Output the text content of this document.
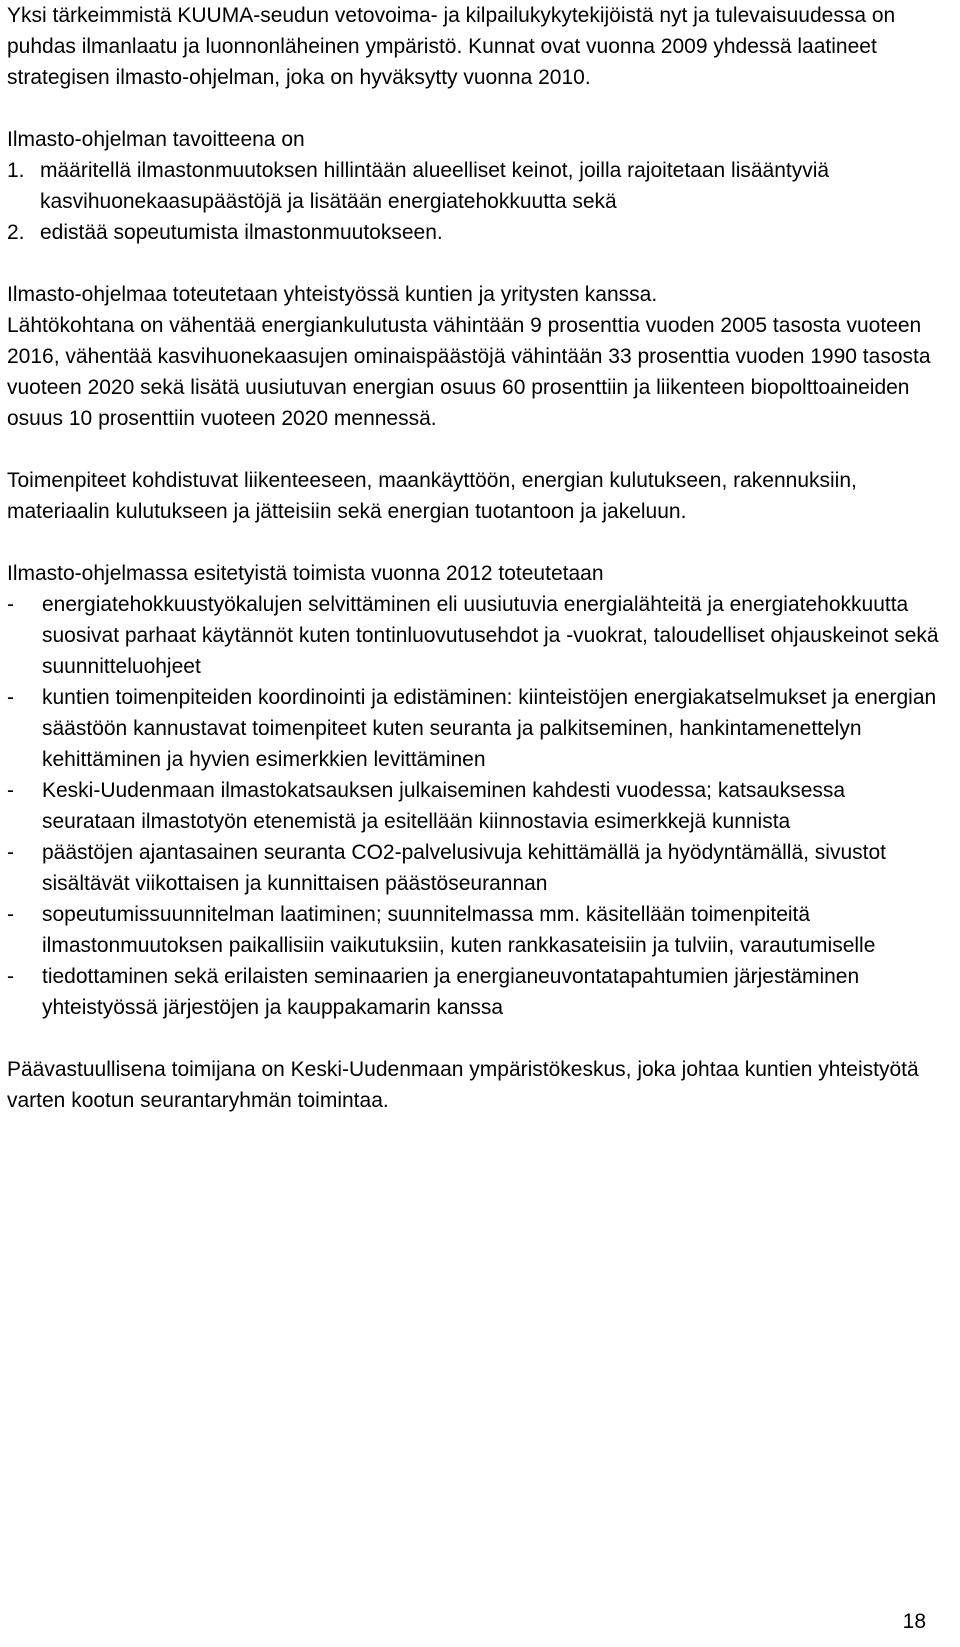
Yksi tärkeimmistä KUUMA-seudun vetovoima- ja kilpailukykytekijöistä nyt ja tulevaisuudessa on puhdas ilmanlaatu ja luonnonläheinen ympäristö. Kunnat ovat vuonna 2009 yhdessä laatineet strategisen ilmasto-ohjelman, joka on hyväksytty vuonna 2010.

Ilmasto-ohjelman tavoitteena on

1. määritellä ilmastonmuutoksen hillintään alueelliset keinot, joilla rajoitetaan lisääntyviä kasvihuonekaasupäästöjä ja lisätään energiatehokkuutta sekä
2. edistää sopeutumista ilmastonmuutokseen.

Ilmasto-ohjelmaa toteutetaan yhteistyössä kuntien ja yritysten kanssa.

Lähtökohtana on vähentää energiankulutusta vähintään 9 prosenttia vuoden 2005 tasosta vuoteen 2016, vähentää kasvihuonekaasujen ominaispäästöjä vähintään 33 prosenttia vuoden 1990 tasosta vuoteen 2020 sekä lisätä uusiutuvan energian osuus 60 prosenttiin ja liikenteen biopolttoaineiden osuus 10 prosenttiin vuoteen 2020 mennessä.

Toimenpiteet kohdistuvat liikenteeseen, maankäyttöön, energian kulutukseen, rakennuksiin, materiaalin kulutukseen ja jätteisiin sekä energian tuotantoon ja jakeluun.

Ilmasto-ohjelmassa esitetyistä toimista vuonna 2012 toteutetaan

-	energiatehokkuustyökalujen selvittäminen eli uusiutuvia energialähteitä ja energiatehokkuutta suosivat parhaat käytännöt kuten tontinluovutusehdot ja -vuokrat, taloudelliset ohjauskeinot sekä suunnitteluohjeet
-	kuntien toimenpiteiden koordinointi ja edistäminen: kiinteistöjen energiakatselmukset ja energian säästöön kannustavat toimenpiteet kuten seuranta ja palkitseminen, hankintamenettelyn kehittäminen ja hyvien esimerkkien levittäminen
-	Keski-Uudenmaan ilmastokatsauksen julkaiseminen kahdesti vuodessa; katsauksessa seurataan ilmastotyön etenemistä ja esitellään kiinnostavia esimerkkejä kunnista
-	päästöjen ajantasainen seuranta CO2-palvelusivuja kehittämällä ja hyödyntämällä, sivustot sisältävät viikottaisen ja kunnittaisen päästöseurannan
-	sopeutumissuunnitelman laatiminen; suunnitelmassa mm. käsitellään toimenpiteitä ilmastonmuutoksen paikallisiin vaikutuksiin, kuten rankkasateisiin ja tulviin, varautumiselle
-	tiedottaminen sekä erilaisten seminaarien ja energianeuvontatapahtumien järjestäminen yhteistyössä järjestöjen ja kauppakamarin kanssa

Päävastuullisena toimijana on Keski-Uudenmaan ympäristökeskus, joka johtaa kuntien yhteistyötä varten kootun seurantaryhmän toimintaa.

18
